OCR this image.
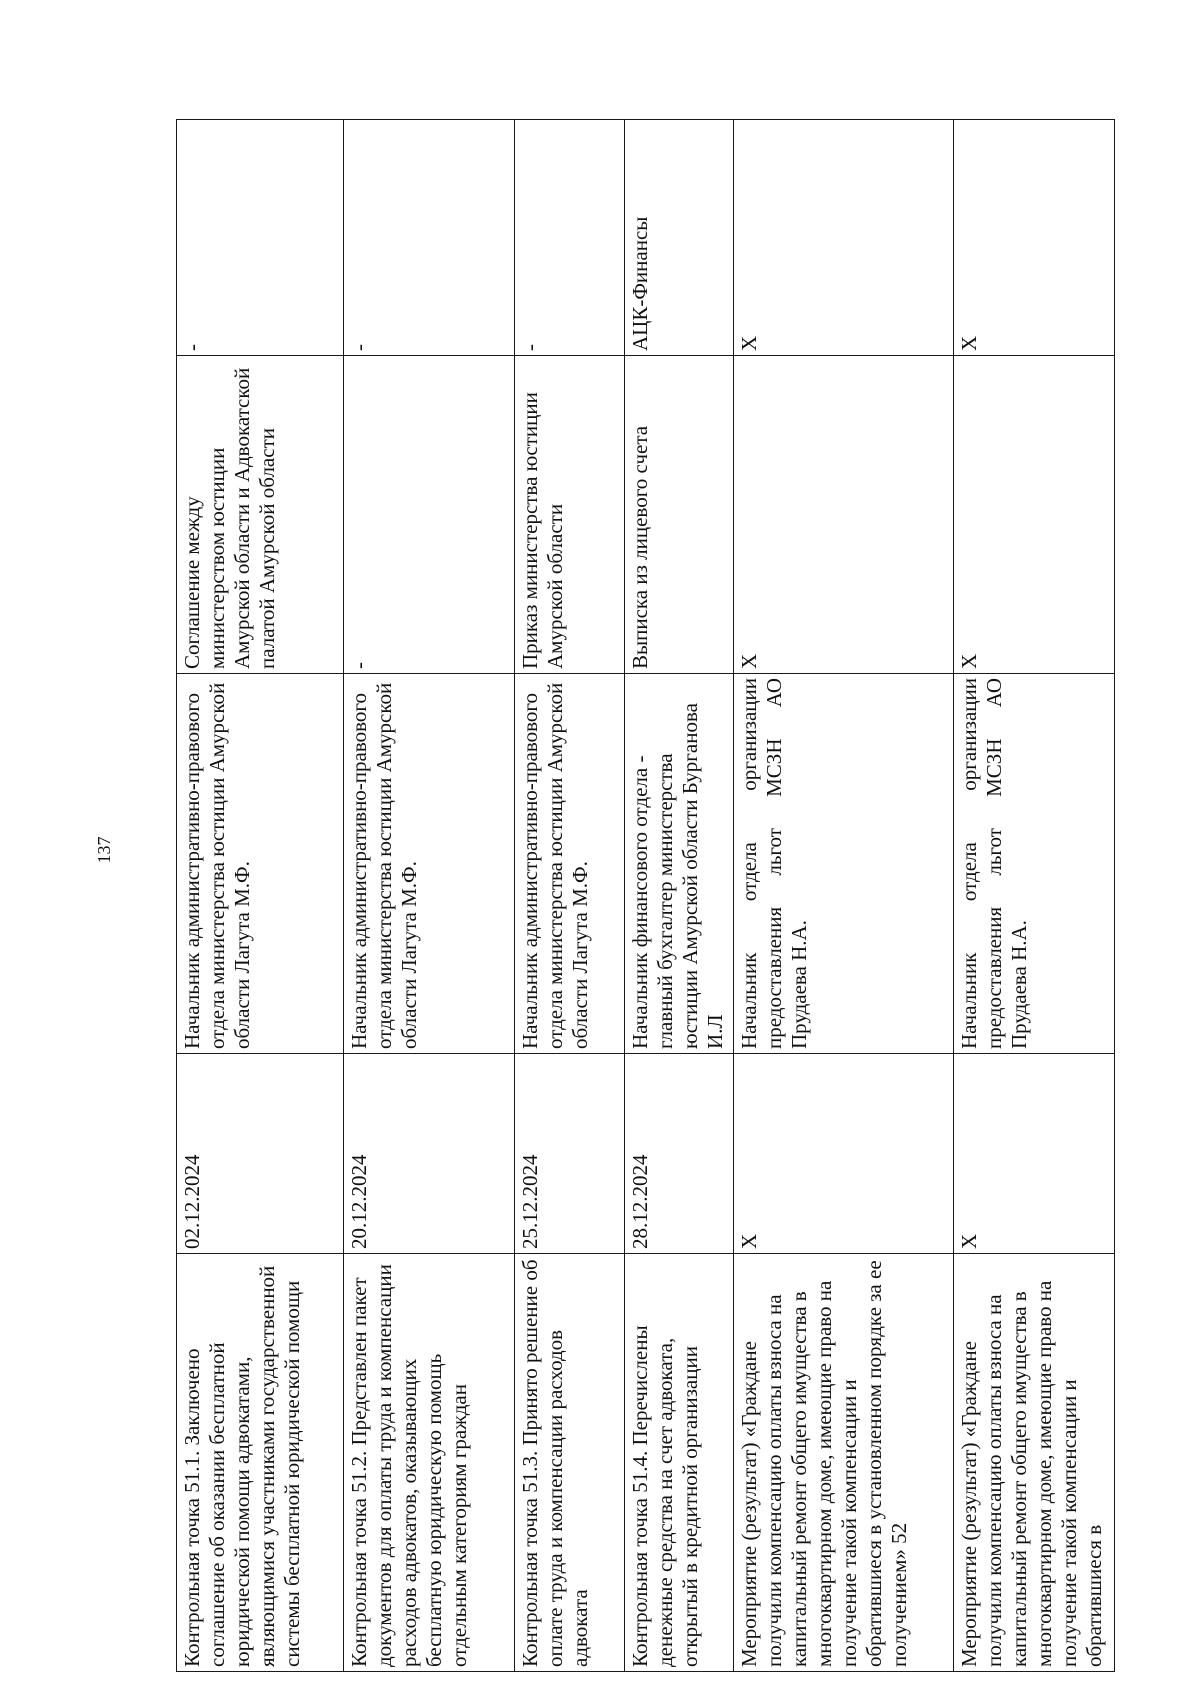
137
Контрольная точка 51.1. Заключено соглашение об оказании бесплатной юридической помощи адвокатами, являющимися участниками государственной системы бесплатной юридической помощи	02.12.2024	Начальник административно-правового отдела министерства юстиции Амурской области Лагута М.Ф.	Соглашение между министерством юстиции Амурской области и Адвокатской палатой Амурской области	-
Контрольная точка 51.2. Представлен пакет документов для оплаты труда и компенсации расходов адвокатов, оказывающих бесплатную юридическую помощь отдельным категориям граждан	20.12.2024	Начальник административно-правового отдела министерства юстиции Амурской области Лагута М.Ф.	-	-
Контрольная точка 51.3. Принято решение об оплате труда и компенсации расходов адвоката	25.12.2024	Начальник административно-правового отдела министерства юстиции Амурской области Лагута М.Ф.	Приказ министерства юстиции Амурской области	-
Контрольная точка 51.4. Перечислены денежные средства на счет адвоката, открытый в кредитной организации	28.12.2024	Начальник финансового отдела - главный бухгалтер министерства юстиции Амурской области Бурганова И.Л	Выписка из лицевого счета	АЦК-Финансы
Мероприятие (результат) «Граждане получили компенсацию оплаты взноса на капитальный ремонт общего имущества в многоквартирном доме, имеющие право на получение такой компенсации и обратившиеся в установленном порядке за ее получением» 52	X	Начальник отдела организации предоставления льгот МСЗН АО Прудаева Н.А.	X	X
Мероприятие (результат) «Граждане получили компенсацию оплаты взноса на капитальный ремонт общего имущества в многоквартирном доме, имеющие право на получение такой компенсации и обратившиеся в	X	Начальник отдела организации предоставления льгот МСЗН АО Прудаева Н.А.	X	X
